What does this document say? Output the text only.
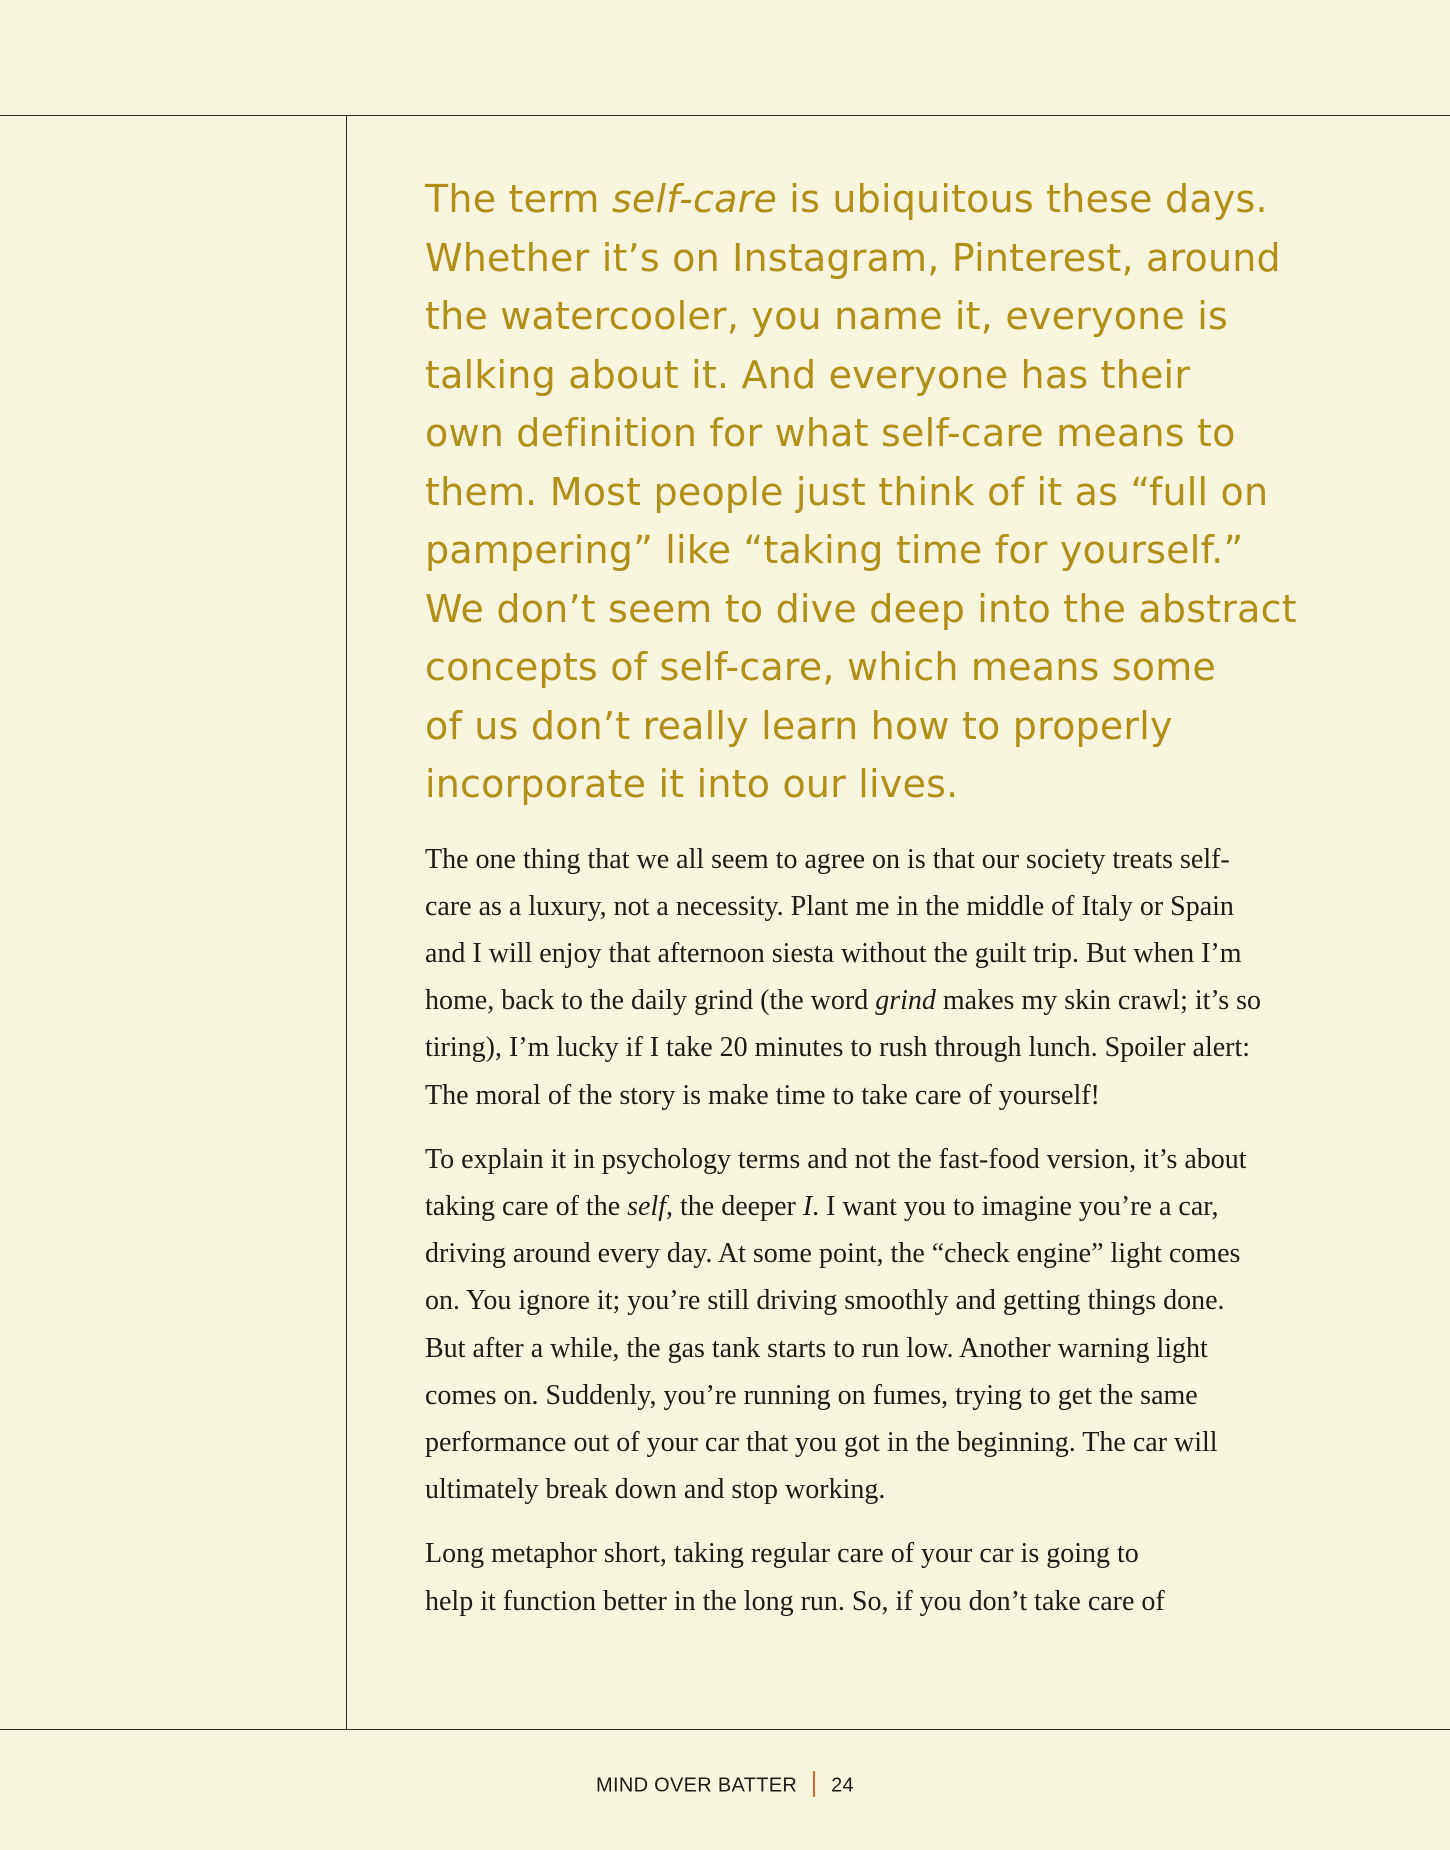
The term self-care is ubiquitous these days.
Whether it’s on Instagram, Pinterest, around
the watercooler, you name it, everyone is
talking about it. And everyone has their
own definition for what self-care means to
them. Most people just think of it as “full on
pampering” like “taking time for yourself.”
We don’t seem to dive deep into the abstract
concepts of self-care, which means some
of us don’t really learn how to properly
incorporate it into our lives.

The one thing that we all seem to agree on is that our society treats self-
care as a luxury, not a necessity. Plant me in the middle of Italy or Spain
and I will enjoy that afternoon siesta without the guilt trip. But when I’m
home, back to the daily grind (the word grind makes my skin crawl; it’s so
tiring), I’m lucky if I take 20 minutes to rush through lunch. Spoiler alert:
The moral of the story is make time to take care of yourself!

To explain it in psychology terms and not the fast-food version, it’s about
taking care of the self, the deeper I. I want you to imagine you’re a car,
driving around every day. At some point, the “check engine” light comes
on. You ignore it; you’re still driving smoothly and getting things done.
But after a while, the gas tank starts to run low. Another warning light
comes on. Suddenly, you’re running on fumes, trying to get the same
performance out of your car that you got in the beginning. The car will
ultimately break down and stop working.

Long metaphor short, taking regular care of your car is going to
help it function better in the long run. So, if you don’t take care of

MIND OVER BATTER 24
